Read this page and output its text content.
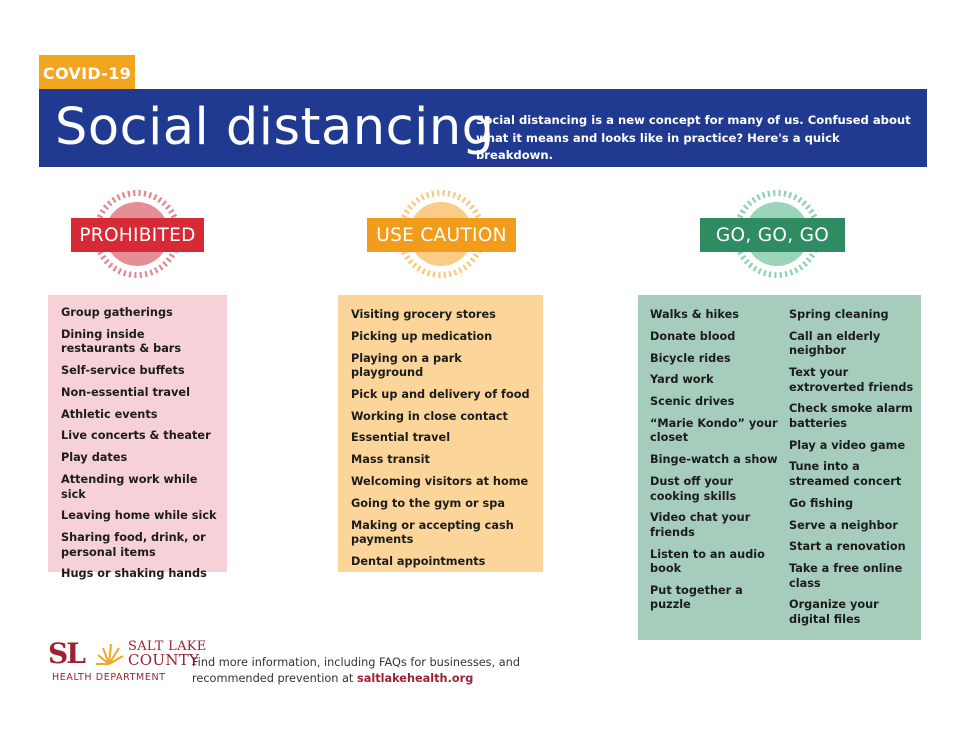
COVID-19
Social distancing
Social distancing is a new concept for many of us. Confused about what it means and looks like in practice? Here's a quick breakdown.
PROHIBITED	USE CAUTION	GO, GO, GO
Group gatherings
Dining inside restaurants & bars
Self-service buffets
Non-essential travel
Athletic events
Live concerts & theater
Play dates
Attending work while sick
Leaving home while sick
Sharing food, drink, or personal items
Hugs or shaking hands
Visiting grocery stores
Picking up medication
Playing on a park playground
Pick up and delivery of food
Working in close contact
Essential travel
Mass transit
Welcoming visitors at home
Going to the gym or spa
Making or accepting cash payments
Dental appointments
Walks & hikes
Donate blood
Bicycle rides
Yard work
Scenic drives
“Marie Kondo” your closet
Binge-watch a show
Dust off your cooking skills
Video chat your friends
Listen to an audio book
Put together a puzzle
Spring cleaning
Call an elderly neighbor
Text your extroverted friends
Check smoke alarm batteries
Play a video game
Tune into a streamed concert
Go fishing
Serve a neighbor
Start a renovation
Take a free online class
Organize your digital files
SL	SALT LAKE
COUNTY
HEALTH DEPARTMENT
Find more information, including FAQs for businesses, and recommended prevention at saltlakehealth.org
